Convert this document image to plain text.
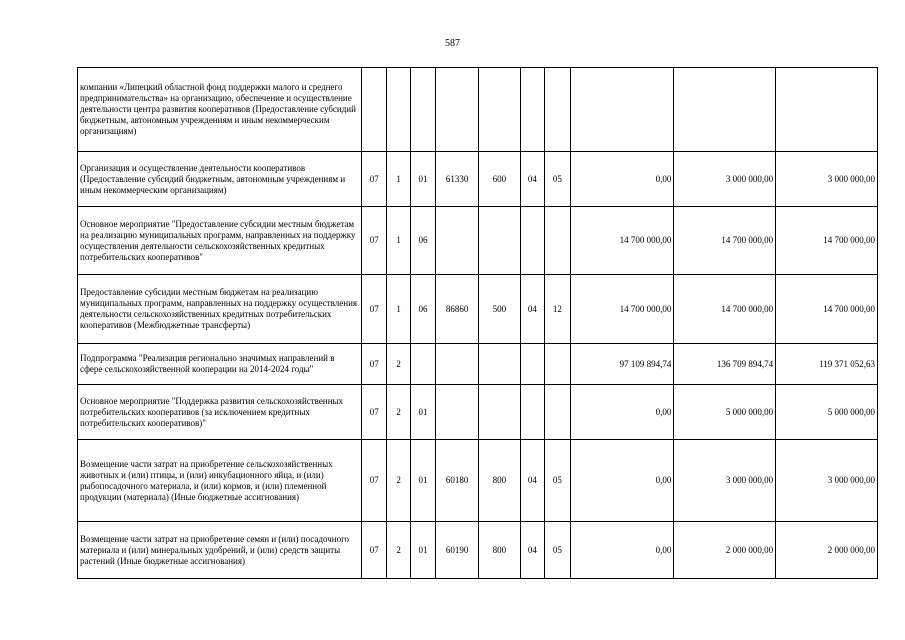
587
компании «Липецкий областной фонд поддержки малого и среднего предпринимательства» на организацию, обеспечение и осуществление деятельности центра развития кооперативов (Предоставление субсидий бюджетным, автономным учреждениям и иным некоммерческим организациям)										
Организация и осуществление деятельности кооперативов (Предоставление субсидий бюджетным, автономным учреждениям и иным некоммерческим организациям)	07	1	01	61330	600	04	05	0,00	3 000 000,00	3 000 000,00
Основное мероприятие "Предоставление субсидии местным бюджетам на реализацию муниципальных программ, направленных на поддержку осуществления деятельности сельскохозяйственных кредитных потребительских кооперативов"	07	1	06					14 700 000,00	14 700 000,00	14 700 000,00
Предоставление субсидии местным бюджетам на реализацию муниципальных программ, направленных на поддержку осуществления деятельности сельскохозяйственных кредитных потребительских кооперативов (Межбюджетные трансферты)	07	1	06	86860	500	04	12	14 700 000,00	14 700 000,00	14 700 000,00
Подпрограмма "Реализация регионально значимых направлений в сфере сельскохозяйственной кооперации на 2014-2024 годы"	07	2						97 109 894,74	136 709 894,74	119 371 052,63
Основное мероприятие "Поддержка развития сельскохозяйственных потребительских кооперативов (за исключением кредитных потребительских кооперативов)"	07	2	01					0,00	5 000 000,00	5 000 000,00
Возмещение части затрат на приобретение сельскохозяйственных животных и (или) птицы, и (или) инкубационного яйца, и (или) рыбопосадочного материала, и (или) кормов, и (или) племенной продукции (материала) (Иные бюджетные ассигнования)	07	2	01	60180	800	04	05	0,00	3 000 000,00	3 000 000,00
Возмещение части затрат на приобретение семян и (или) посадочного материала и (или) минеральных удобрений, и (или) средств защиты растений (Иные бюджетные ассигнования)	07	2	01	60190	800	04	05	0,00	2 000 000,00	2 000 000,00
